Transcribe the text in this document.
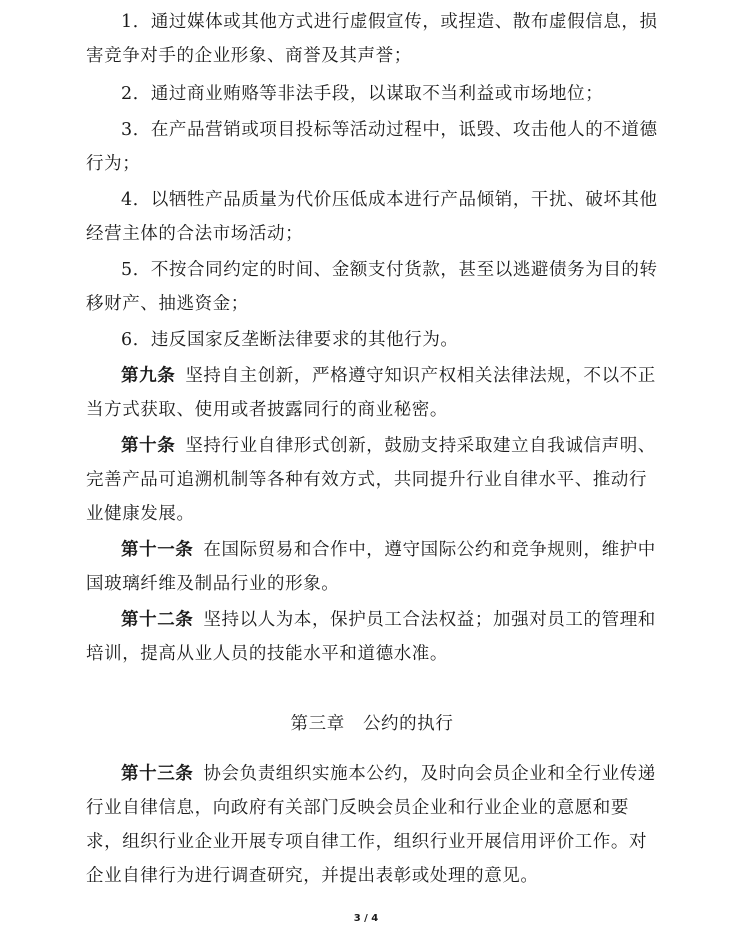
1．通过媒体或其他方式进行虚假宣传，或捏造、散布虚假信息，损害竞争对手的企业形象、商誉及其声誉；

2．通过商业贿赂等非法手段，以谋取不当利益或市场地位；

3．在产品营销或项目投标等活动过程中，诋毁、攻击他人的不道德行为；

4．以牺牲产品质量为代价压低成本进行产品倾销，干扰、破坏其他经营主体的合法市场活动；

5．不按合同约定的时间、金额支付货款，甚至以逃避债务为目的转移财产、抽逃资金；

6．违反国家反垄断法律要求的其他行为。

第九条 坚持自主创新，严格遵守知识产权相关法律法规，不以不正当方式获取、使用或者披露同行的商业秘密。

第十条 坚持行业自律形式创新，鼓励支持采取建立自我诚信声明、完善产品可追溯机制等各种有效方式，共同提升行业自律水平、推动行业健康发展。

第十一条 在国际贸易和合作中，遵守国际公约和竞争规则，维护中国玻璃纤维及制品行业的形象。

第十二条 坚持以人为本，保护员工合法权益；加强对员工的管理和培训，提高从业人员的技能水平和道德水准。

第三章　公约的执行

第十三条 协会负责组织实施本公约，及时向会员企业和全行业传递行业自律信息，向政府有关部门反映会员企业和行业企业的意愿和要求，组织行业企业开展专项自律工作，组织行业开展信用评价工作。对企业自律行为进行调查研究，并提出表彰或处理的意见。

3 / 4
